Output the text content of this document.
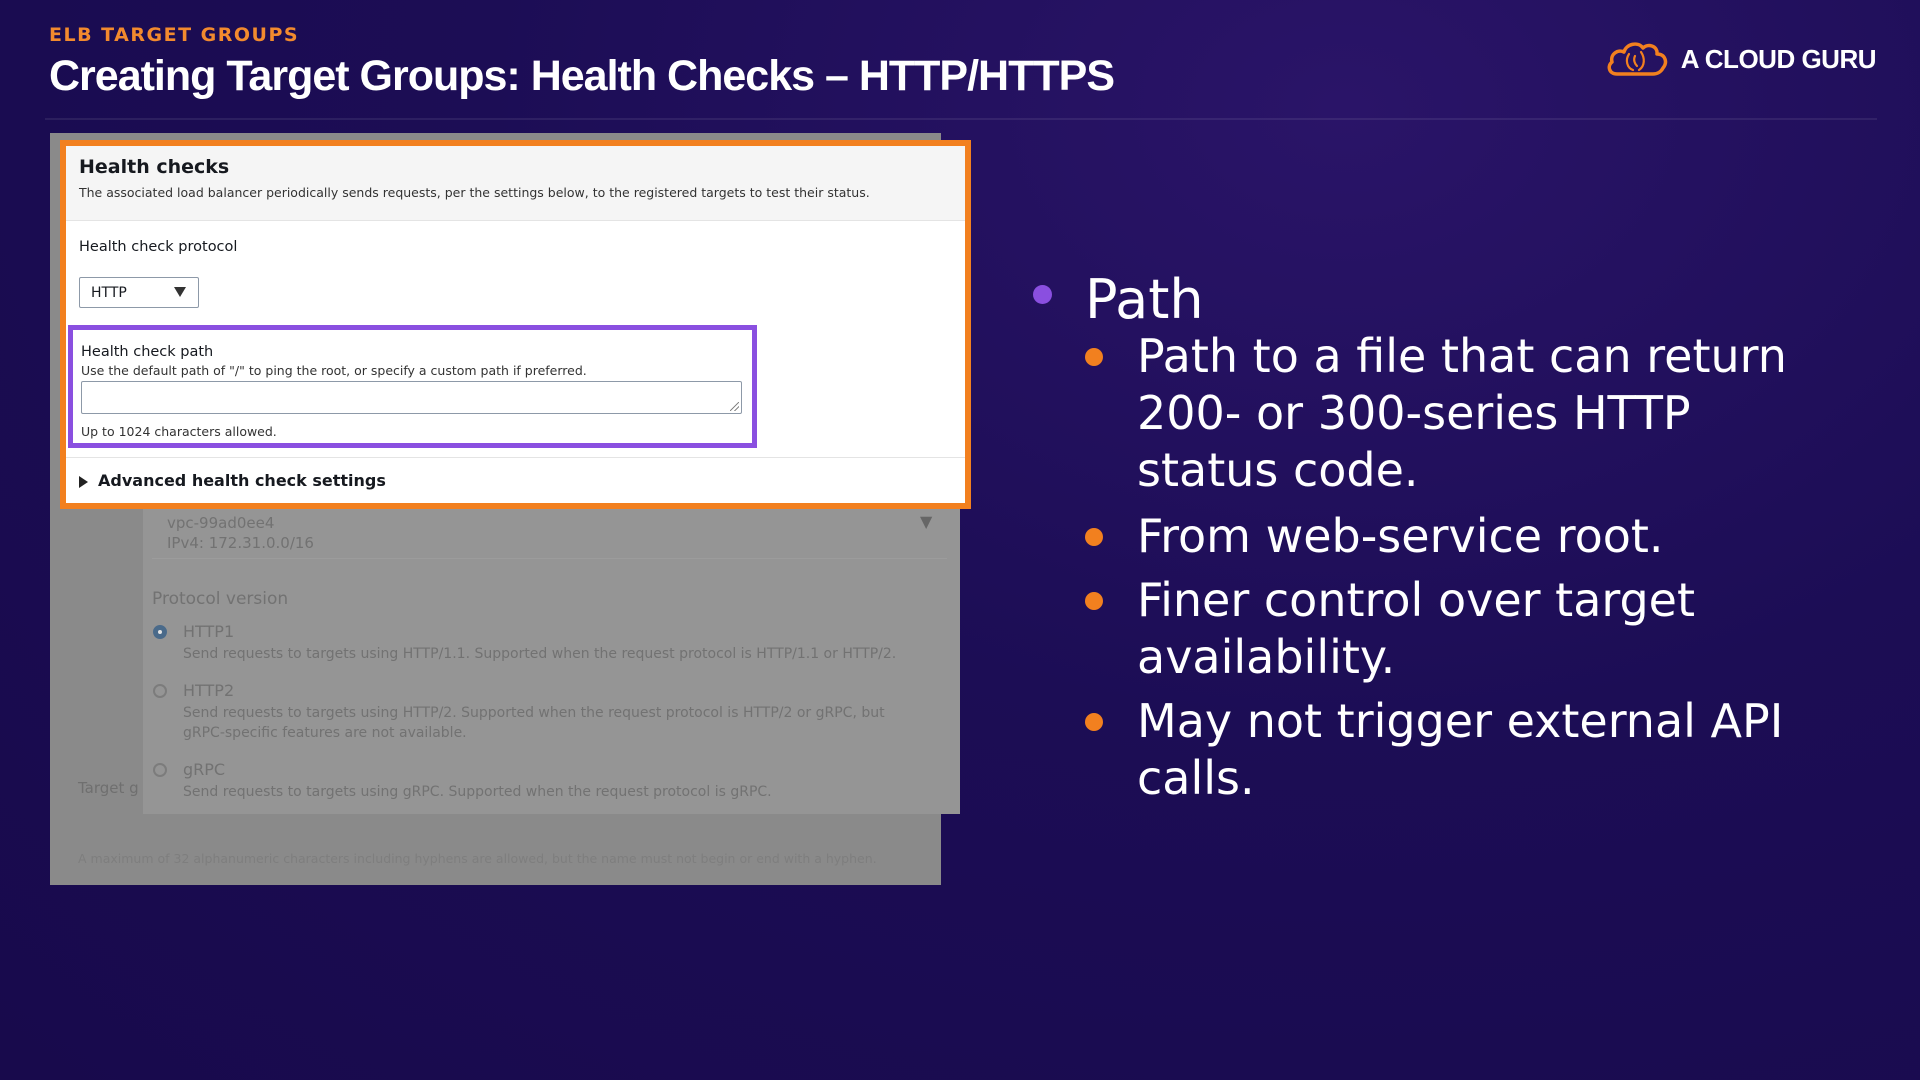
ELB TARGET GROUPS
Creating Target Groups: Health Checks – HTTP/HTTPS	A CLOUD GURU
vpc-99ad0ee4
IPv4: 172.31.0.0/16
▼
Protocol version
HTTP1
Send requests to targets using HTTP/1.1. Supported when the request protocol is HTTP/1.1 or HTTP/2.
HTTP2
Send requests to targets using HTTP/2. Supported when the request protocol is HTTP/2 or gRPC, but
gRPC-specific features are not available.
gRPC
Send requests to targets using gRPC. Supported when the request protocol is gRPC.
Target g
A maximum of 32 alphanumeric characters including hyphens are allowed, but the name must not begin or end with a hyphen.
Health checks
The associated load balancer periodically sends requests, per the settings below, to the registered targets to test their status.
Health check protocol
HTTP
Health check path
Use the default path of "/" to ping the root, or specify a custom path if preferred.
Up to 1024 characters allowed.
Advanced health check settings
Path
Path to a file that can return 200- or 300-series HTTP status code.
From web-service root.
Finer control over target availability.
May not trigger external API calls.
